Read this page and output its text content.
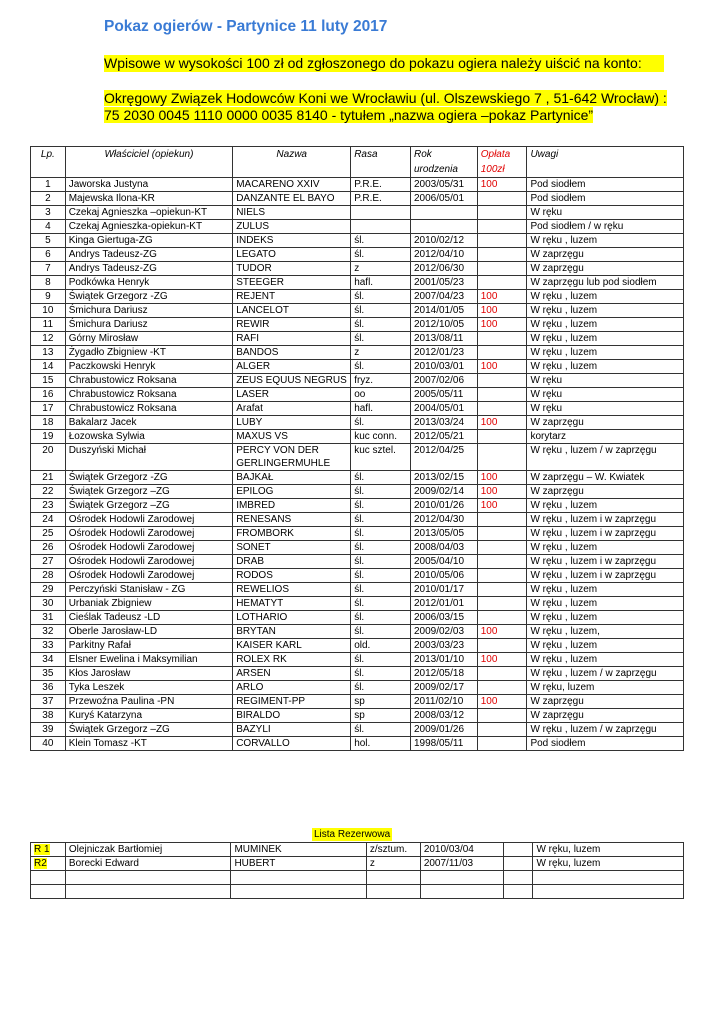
Pokaz ogierów - Partynice 11 luty 2017
Wpisowe w wysokości 100 zł od zgłoszonego do pokazu ogiera należy uiścić na konto:
Okręgowy Związek Hodowców Koni we Wrocławiu (ul. Olszewskiego 7 , 51-642 Wrocław) :
75 2030 0045 1110 0000 0035 8140 - tytułem „nazwa ogiera –pokaz Partynice”
Lp.	Właściciel (opiekun)	Nazwa	Rasa	Rok urodzenia	Opłata 100zł	Uwagi
1	Jaworska Justyna	MACARENO XXIV	P.R.E.	2003/05/31	100	Pod siodłem
2	Majewska Ilona-KR	DANZANTE EL BAYO	P.R.E.	2006/05/01		Pod siodłem
3	Czekaj Agnieszka –opiekun-KT	NIELS				W ręku
4	Czekaj Agnieszka-opiekun-KT	ZULUS				Pod siodłem / w ręku
5	Kinga Giertuga-ZG	INDEKS	śl.	2010/02/12		W ręku , luzem
6	Andrys Tadeusz-ZG	LEGATO	śl.	2012/04/10		W zaprzęgu
7	Andrys Tadeusz-ZG	TUDOR	z	2012/06/30		W zaprzęgu
8	Podkówka Henryk	STEEGER	hafl.	2001/05/23		W zaprzęgu lub pod siodłem
9	Świątek Grzegorz -ZG	REJENT	śl.	2007/04/23	100	W ręku , luzem
10	Śmichura Dariusz	LANCELOT	śl.	2014/01/05	100	W ręku , luzem
11	Śmichura Dariusz	REWIR	śl.	2012/10/05	100	W ręku , luzem
12	Górny Mirosław	RAFI	śl.	2013/08/11		W ręku , luzem
13	Żygadło Zbigniew -KT	BANDOS	z	2012/01/23		W ręku , luzem
14	Paczkowski Henryk	ALGER	śl.	2010/03/01	100	W ręku , luzem
15	Chrabustowicz Roksana	ZEUS EQUUS NEGRUS	fryz.	2007/02/06		W ręku
16	Chrabustowicz Roksana	LASER	oo	2005/05/11		W ręku
17	Chrabustowicz Roksana	Arafat	hafl.	2004/05/01		W ręku
18	Bakalarz Jacek	LUBY	śl.	2013/03/24	100	W zaprzęgu
19	Łozowska Sylwia	MAXUS VS	kuc conn.	2012/05/21		korytarz
20	Duszyński Michał	PERCY VON DER GERLINGERMUHLE	kuc sztel.	2012/04/25		W ręku , luzem / w zaprzęgu
21	Świątek Grzegorz -ZG	BAJKAŁ	śl.	2013/02/15	100	W zaprzęgu – W. Kwiatek
22	Świątek Grzegorz –ZG	EPILOG	śl.	2009/02/14	100	W zaprzęgu
23	Świątek Grzegorz –ZG	IMBRED	śl.	2010/01/26	100	W ręku , luzem
24	Ośrodek Hodowli Zarodowej	RENESANS	śl.	2012/04/30		W ręku , luzem i w zaprzęgu
25	Ośrodek Hodowli Zarodowej	FROMBORK	śl.	2013/05/05		W ręku , luzem i w zaprzęgu
26	Ośrodek Hodowli Zarodowej	SONET	śl.	2008/04/03		W ręku , luzem
27	Ośrodek Hodowli Zarodowej	DRAB	śl.	2005/04/10		W ręku , luzem i w zaprzęgu
28	Ośrodek Hodowli Zarodowej	RODOS	śl.	2010/05/06		W ręku , luzem i w zaprzęgu
29	Perczyński Stanisław - ZG	REWELIOS	śl.	2010/01/17		W ręku , luzem
30	Urbaniak Zbigniew	HEMATYT	śl.	2012/01/01		W ręku , luzem
31	Cieślak Tadeusz -LD	LOTHARIO	śl.	2006/03/15		W ręku , luzem
32	Oberle Jarosław-LD	BRYTAN	śl.	2009/02/03	100	W ręku , luzem,
33	Parkitny Rafał	KAISER KARL	old.	2003/03/23		W ręku , luzem
34	Elsner Ewelina i Maksymilian	ROLEX RK	śl.	2013/01/10	100	W ręku , luzem
35	Kłos Jarosław	ARSEN	śl.	2012/05/18		W ręku , luzem / w zaprzęgu
36	Tyka Leszek	ARLO	śl.	2009/02/17		W ręku, luzem
37	Przewoźna Paulina -PN	REGIMENT-PP	sp	2011/02/10	100	W zaprzęgu
38	Kuryś Katarzyna	BIRALDO	sp	2008/03/12		W zaprzęgu
39	Świątek Grzegorz –ZG	BAZYLI	śl.	2009/01/26		W ręku , luzem / w zaprzęgu
40	Klein Tomasz -KT	CORVALLO	hol.	1998/05/11		Pod siodłem
Lista Rezerwowa
R 1	Olejniczak Bartłomiej	MUMINEK	z/sztum.	2010/03/04		W ręku, luzem
R2	Borecki Edward	HUBERT	z	2007/11/03		W ręku, luzem
